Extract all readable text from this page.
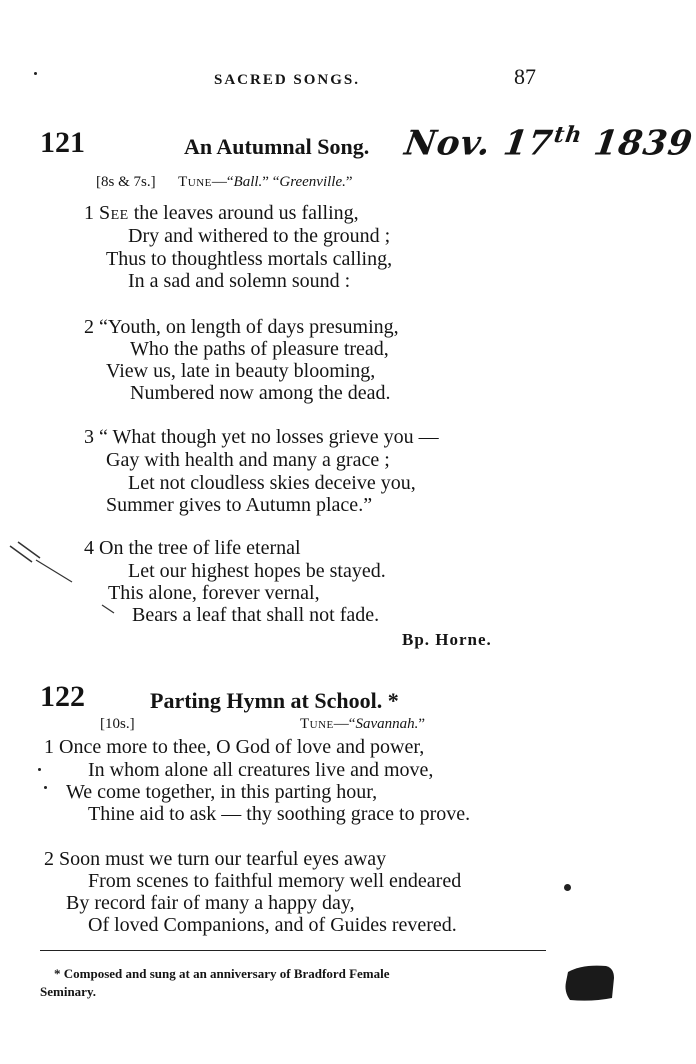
SACRED SONGS.	87
121	An Autumnal Song. Nov. 17th 1839
[8s & 7s.] Tune—“Ball.” “Greenville.”
1 See the leaves around us falling,
Dry and withered to the ground ;
Thus to thoughtless mortals calling,
In a sad and solemn sound :
2 “Youth, on length of days presuming,
Who the paths of pleasure tread,
View us, late in beauty blooming,
Numbered now among the dead.
3 “ What though yet no losses grieve you —
Gay with health and many a grace ;
Let not cloudless skies deceive you,
Summer gives to Autumn place.”
4 On the tree of life eternal
Let our highest hopes be stayed.
This alone, forever vernal,
Bears a leaf that shall not fade.
Bp. Horne.
122	Parting Hymn at School. *
[10s.]	Tune—“Savannah.”
1 Once more to thee, O God of love and power,
In whom alone all creatures live and move,
We come together, in this parting hour,
Thine aid to ask — thy soothing grace to prove.
2 Soon must we turn our tearful eyes away
From scenes to faithful memory well endeared
By record fair of many a happy day,
Of loved Companions, and of Guides revered.
* Composed and sung at an anniversary of Bradford Female
Seminary.
